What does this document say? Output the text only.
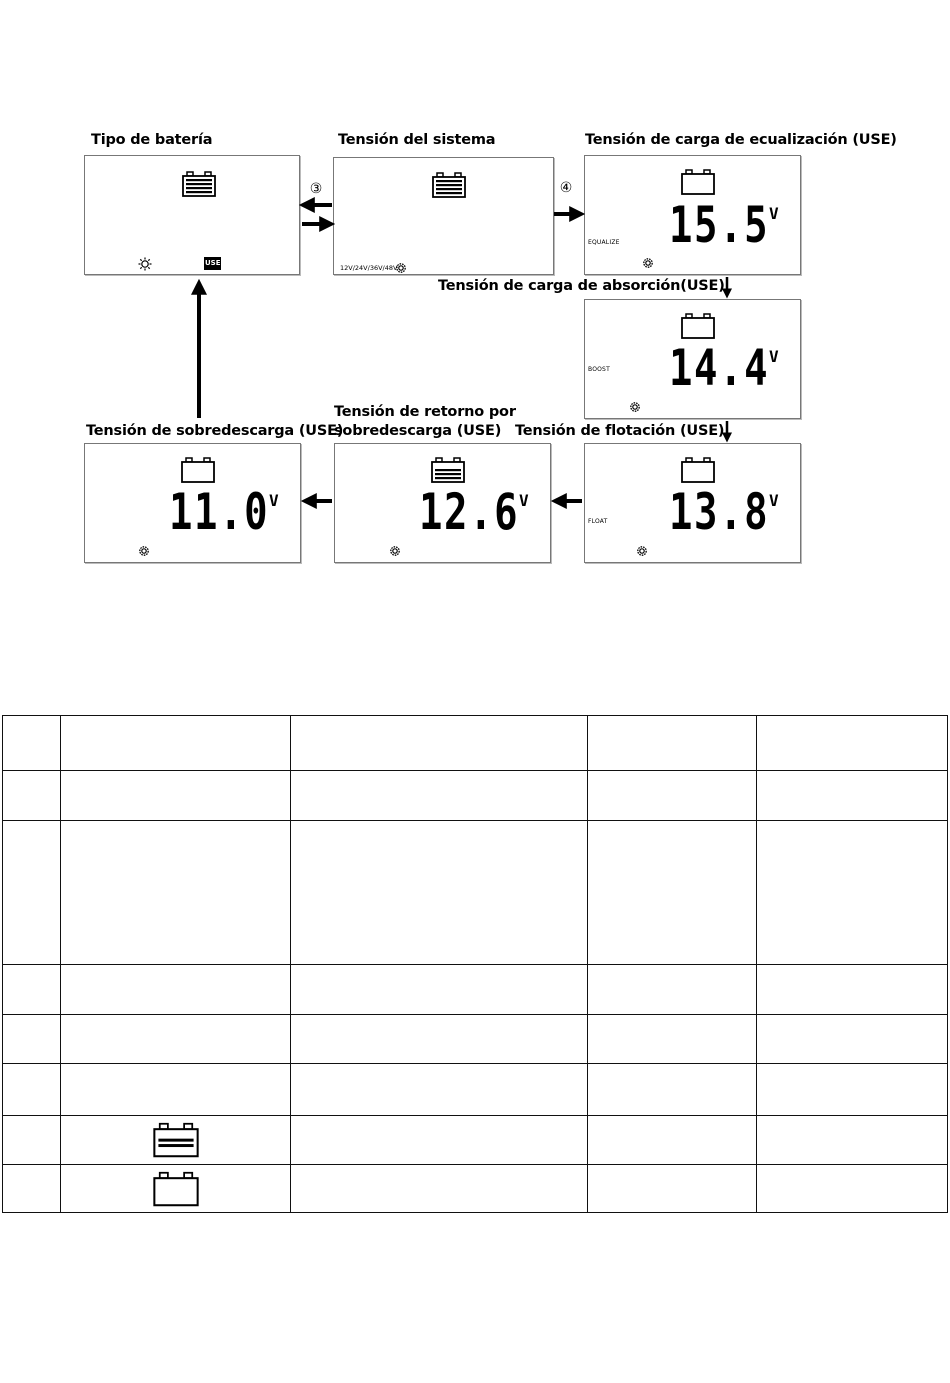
Tipo de batería	Tensión del sistema	Tensión de carga de ecualización (USE)
Tensión de carga de absorción(USE)
Tensión de flotación (USE)
Tensión de retorno por
sobredescarga (USE)
Tensión de sobredescarga (USE)
USE
12V/24V/36V/48V
EQUALIZE 15.5 V
BOOST 14.4 V
FLOAT 13.8 V
12.6 V
11.0 V
③	④
